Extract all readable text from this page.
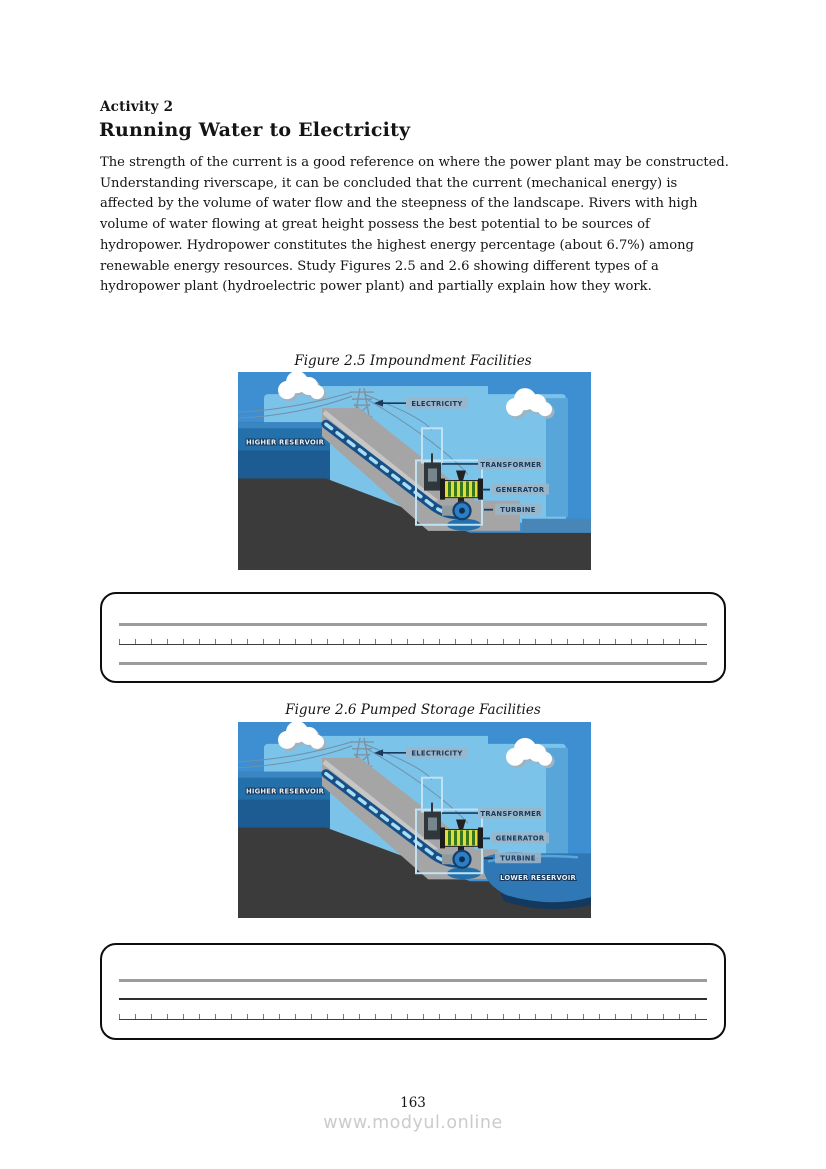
Activity 2
Running Water to Electricity

The strength of the current is a good reference on where the power plant may be constructed. Understanding riverscape, it can be concluded that the current (mechanical energy) is affected by the volume of water flow and the steepness of the landscape. Rivers with high volume of water flowing at great height possess the best potential to be sources of hydropower. Hydropower constitutes the highest energy percentage (about 6.7%) among renewable energy resources. Study Figures 2.5 and 2.6 showing different types of a hydropower plant (hydroelectric power plant) and partially explain how they work.

Figure 2.5 Impoundment Facilities
ELECTRICITY
TRANSFORMER
GENERATOR
TURBINE
HIGHER RESERVOIR
Figure 2.6 Pumped Storage Facilities
ELECTRICITY
TRANSFORMER
GENERATOR
TURBINE
HIGHER RESERVOIR
LOWER RESERVOIR
163
www.modyul.online
